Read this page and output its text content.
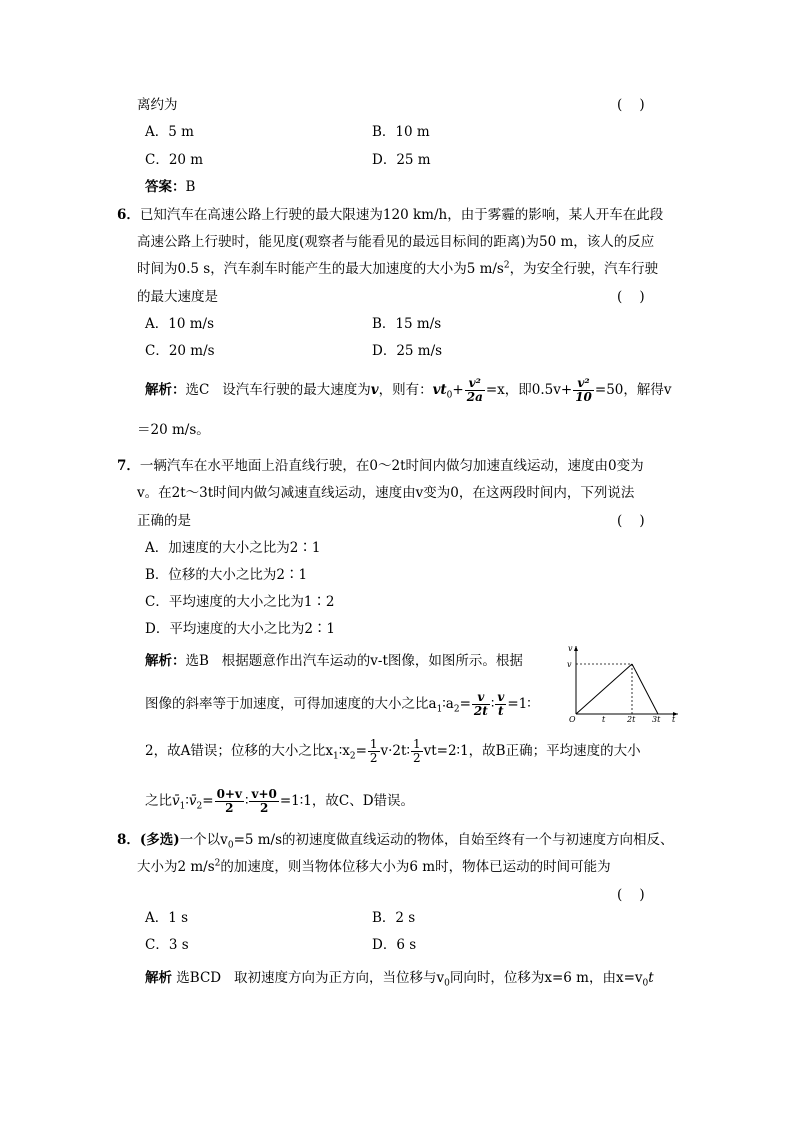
离约为	(    )
A．5 m	B．10 m
C．20 m	D．25 m
答案：B
6．已知汽车在高速公路上行驶的最大限速为120 km/h，由于雾霾的影响，某人开车在此段
高速公路上行驶时，能见度(观察者与能看见的最远目标间的距离)为50 m，该人的反应
时间为0.5 s，汽车刹车时能产生的最大加速度的大小为5 $m/s^2$，为安全行驶，汽车行驶
的最大速度是	(    )
A．10 m/s	B．15 m/s
C．20 m/s	D．25 m/s
解析：选C 设汽车行驶的最大速度为v，则有：$vt_0+ \frac{\text{v²}}{2a} =x$，即$0.5v+ \frac{\text{v²}}{10} =50$，解得v
＝20 m/s。
7．一辆汽车在水平地面上沿直线行驶，在0～2t时间内做匀加速直线运动，速度由0变为
v。在2t～3t时间内做匀减速直线运动，速度由v变为0，在这两段时间内，下列说法
正确的是	(    )
A．加速度的大小之比为2∶1
B．位移的大小之比为2∶1
C．平均速度的大小之比为1∶2
D．平均速度的大小之比为2∶1
解析：选B 根据题意作出汽车运动的v-t图像，如图所示。根据
图像的斜率等于加速度，可得加速度的大小之比$a_1∶a_2= \frac{v}{2t}$ ∶ $\frac{v}{t}$ =1∶
2，故A错误；位移的大小之比$x_1∶x_2= \frac{1}{2}$ v·2t∶ $\frac{1}{2}$ vt=2∶1，故B正确；平均速度的大小
之比$v̄_1∶v̄_2= \frac{0+v}{2}$ ∶ $\frac{v+0}{2}$ =1∶1，故C、D错误。
v
v
O	t	2t 3t t
8．(多选)一个以$v_0=5$ m/s的初速度做直线运动的物体，自始至终有一个与初速度方向相反、
大小为2 $m/s^2$的加速度，则当物体位移大小为6 m时，物体已运动的时间可能为
(    )
A．1 s	B．2 s
C．3 s	D．6 s
解析 选BCD 取初速度方向为正方向，当位移与$v_0$同向时，位移为x=6 m，由$x=v_0t$
